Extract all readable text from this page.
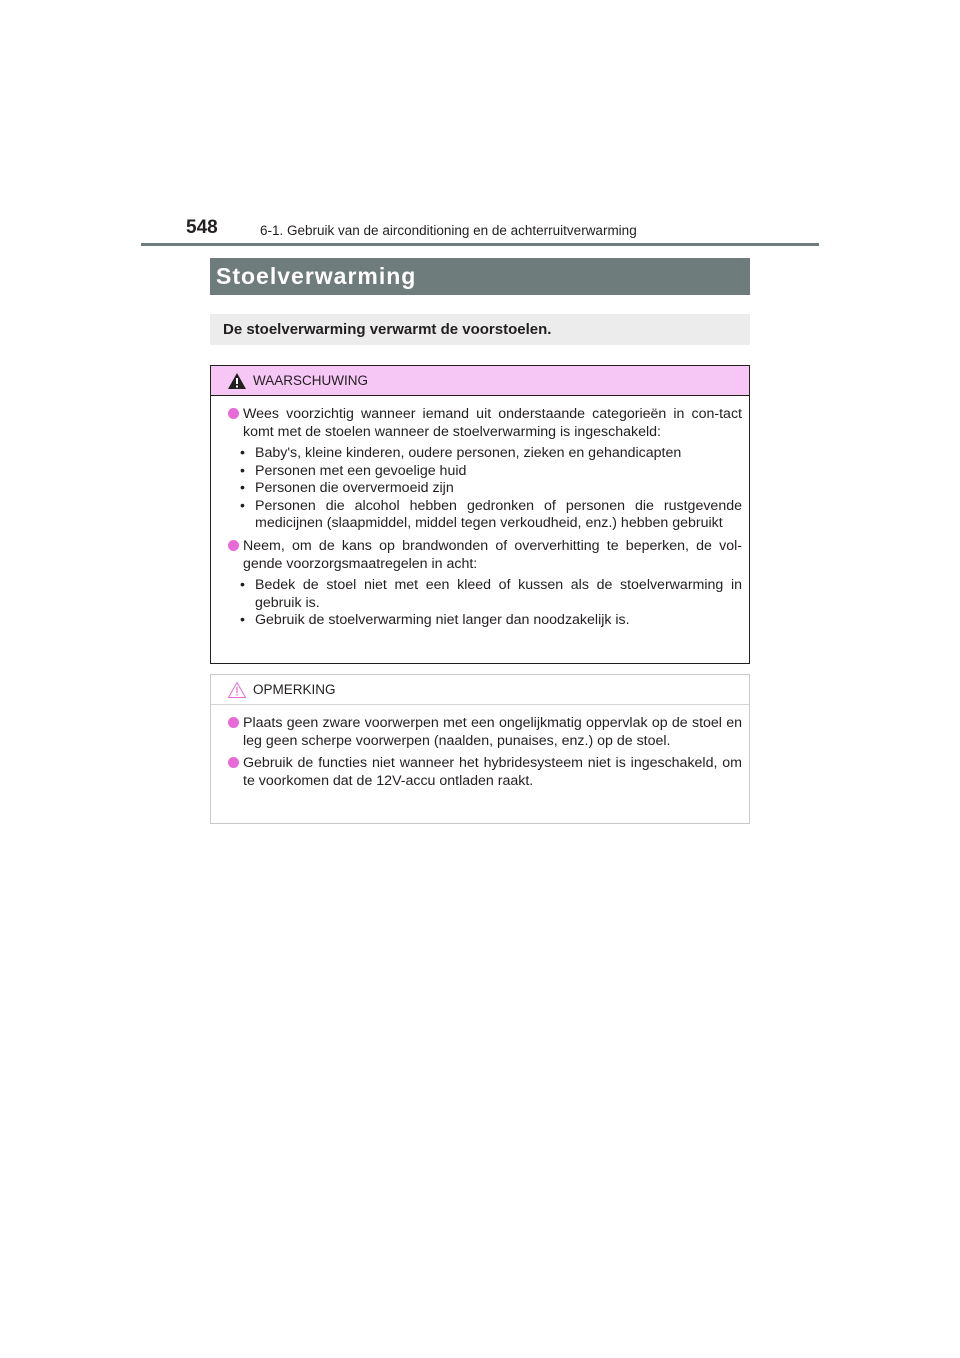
548	6-1. Gebruik van de airconditioning en de achterruitverwarming
Stoelverwarming
De stoelverwarming verwarmt de voorstoelen.
WAARSCHUWING
Wees voorzichtig wanneer iemand uit onderstaande categorieën in con-tact komt met de stoelen wanneer de stoelverwarming is ingeschakeld:
• Baby's, kleine kinderen, oudere personen, zieken en gehandicapten
• Personen met een gevoelige huid
• Personen die oververmoeid zijn
• Personen die alcohol hebben gedronken of personen die rustgevende medicijnen (slaapmiddel, middel tegen verkoudheid, enz.) hebben gebruikt
Neem, om de kans op brandwonden of oververhitting te beperken, de vol-gende voorzorgsmaatregelen in acht:
• Bedek de stoel niet met een kleed of kussen als de stoelverwarming in gebruik is.
• Gebruik de stoelverwarming niet langer dan noodzakelijk is.
OPMERKING
Plaats geen zware voorwerpen met een ongelijkmatig oppervlak op de stoel en leg geen scherpe voorwerpen (naalden, punaises, enz.) op de stoel.
Gebruik de functies niet wanneer het hybridesysteem niet is ingeschakeld, om te voorkomen dat de 12V-accu ontladen raakt.
